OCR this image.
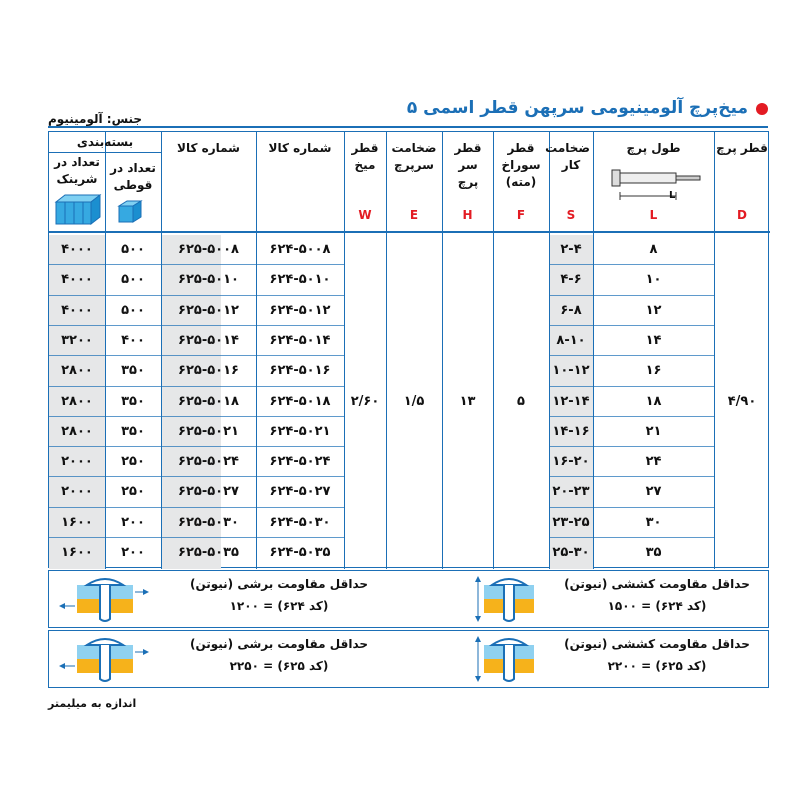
میخ‌پرچ آلومینیومی سرپهن قطر اسمی ۵
جنس: آلومینیوم
قطر پرچ
D
طول پرچ
L
L
ضخامت کار
S
قطر سوراخ (مته)
F
قطر سر پرچ
H
ضخامت سرپرچ
E
قطر میخ
W
شماره کالا
شماره کالا
بسته‌بندی
تعداد در قوطی
تعداد در شرینک
۴/۹۰
۵
۱۳
۱/۵
۲/۶۰
۸
۲-۴
۶۲۴-۵۰۰۸
۶۲۵-۵۰۰۸
۵۰۰
۴۰۰۰
۱۰
۴-۶
۶۲۴-۵۰۱۰
۶۲۵-۵۰۱۰
۵۰۰
۴۰۰۰
۱۲
۶-۸
۶۲۴-۵۰۱۲
۶۲۵-۵۰۱۲
۵۰۰
۴۰۰۰
۱۴
۸-۱۰
۶۲۴-۵۰۱۴
۶۲۵-۵۰۱۴
۴۰۰
۳۲۰۰
۱۶
۱۰-۱۲
۶۲۴-۵۰۱۶
۶۲۵-۵۰۱۶
۳۵۰
۲۸۰۰
۱۸
۱۲-۱۴
۶۲۴-۵۰۱۸
۶۲۵-۵۰۱۸
۳۵۰
۲۸۰۰
۲۱
۱۴-۱۶
۶۲۴-۵۰۲۱
۶۲۵-۵۰۲۱
۳۵۰
۲۸۰۰
۲۴
۱۶-۲۰
۶۲۴-۵۰۲۴
۶۲۵-۵۰۲۴
۲۵۰
۲۰۰۰
۲۷
۲۰-۲۳
۶۲۴-۵۰۲۷
۶۲۵-۵۰۲۷
۲۵۰
۲۰۰۰
۳۰
۲۳-۲۵
۶۲۴-۵۰۳۰
۶۲۵-۵۰۳۰
۲۰۰
۱۶۰۰
۳۵
۲۵-۳۰
۶۲۴-۵۰۳۵
۶۲۵-۵۰۳۵
۲۰۰
۱۶۰۰
حداقل مقاومت کششی (نیوتن)
(کد ۶۲۴) = ۱۵۰۰
حداقل مقاومت برشی (نیوتن)
(کد ۶۲۴) = ۱۲۰۰
حداقل مقاومت کششی (نیوتن)
(کد ۶۲۵) = ۲۲۰۰
حداقل مقاومت برشی (نیوتن)
(کد ۶۲۵) = ۲۲۵۰
اندازه به میلیمتر
